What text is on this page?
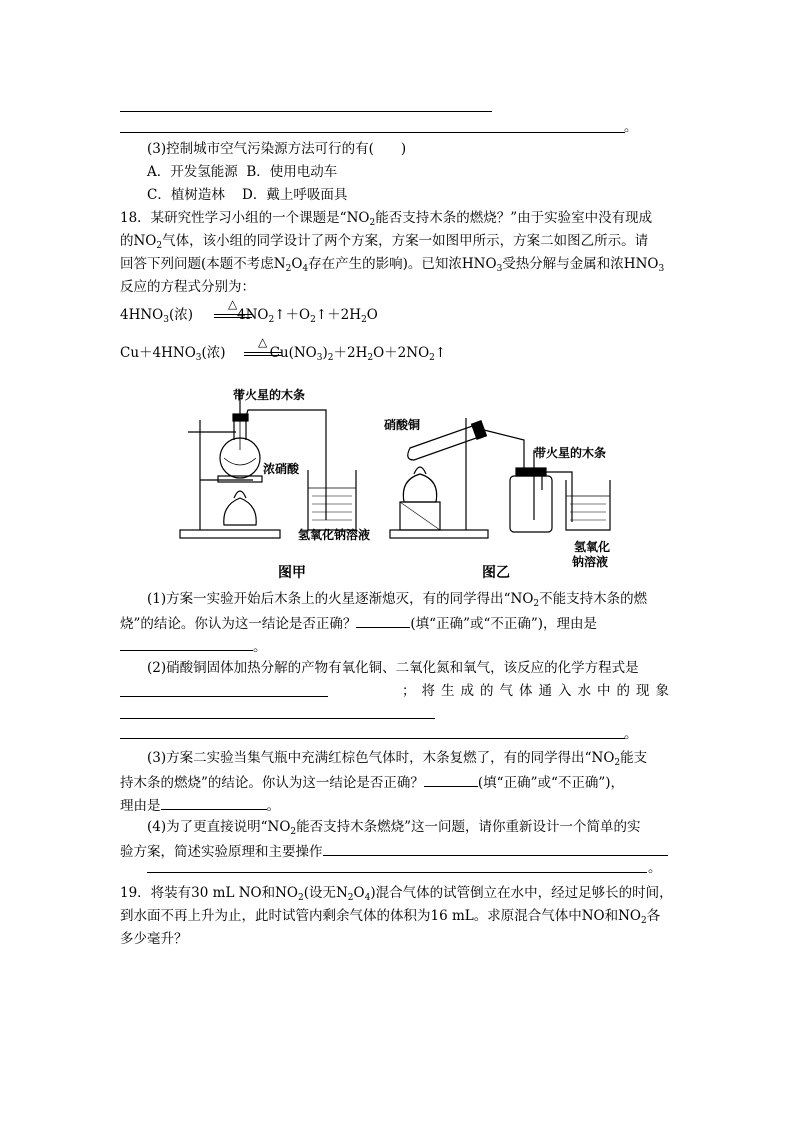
。
(3)控制城市空气污染源方法可行的有(　　)
A．开发氢能源 B．使用电动车
C．植树造林 D．戴上呼吸面具
18．某研究性学习小组的一个课题是“$NO_2$能否支持木条的燃烧？”由于实验室中没有现成
的$NO_2$气体，该小组的同学设计了两个方案，方案一如图甲所示，方案二如图乙所示。请
回答下列问题(本题不考虑$N_2O_4$存在产生的影响)。已知浓$HNO_3$受热分解与金属和浓$HNO_3$
反应的方程式分别为：
$4HNO_3$(浓)	$4NO_2↑+O_2↑+2H_2O$
△
$Cu+4HNO_3$(浓)	$Cu(NO_3)_2+2H_2O+2NO_2↑$
△
带火星的木条
浓硝酸
氢氧化钠溶液
图甲
硝酸铜
带火星的木条
氢氧化
钠溶液
图乙
(1)方案一实验开始后木条上的火星逐渐熄灭，有的同学得出“$NO_2$不能支持木条的燃
烧”的结论。你认为这一结论是否正确？	(填“正确”或“不正确”)，理由是
。
(2)硝酸铜固体加热分解的产物有氧化铜、二氧化氮和氧气，该反应的化学方程式是
；将生成的气体通入水中的现象
。
(3)方案二实验当集气瓶中充满红棕色气体时，木条复燃了，有的同学得出“$NO_2$能支
持木条的燃烧”的结论。你认为这一结论是否正确？	(填“正确”或“不正确”)，
理由是	。
(4)为了更直接说明“$NO_2$能否支持木条燃烧”这一问题，请你重新设计一个简单的实
验方案，简述实验原理和主要操作
。
19．将装有30 mL NO和$NO_2$(设无$N_2O_4$)混合气体的试管倒立在水中，经过足够长的时间，
到水面不再上升为止，此时试管内剩余气体的体积为16 mL。求原混合气体中NO和$NO_2$各
多少毫升？
